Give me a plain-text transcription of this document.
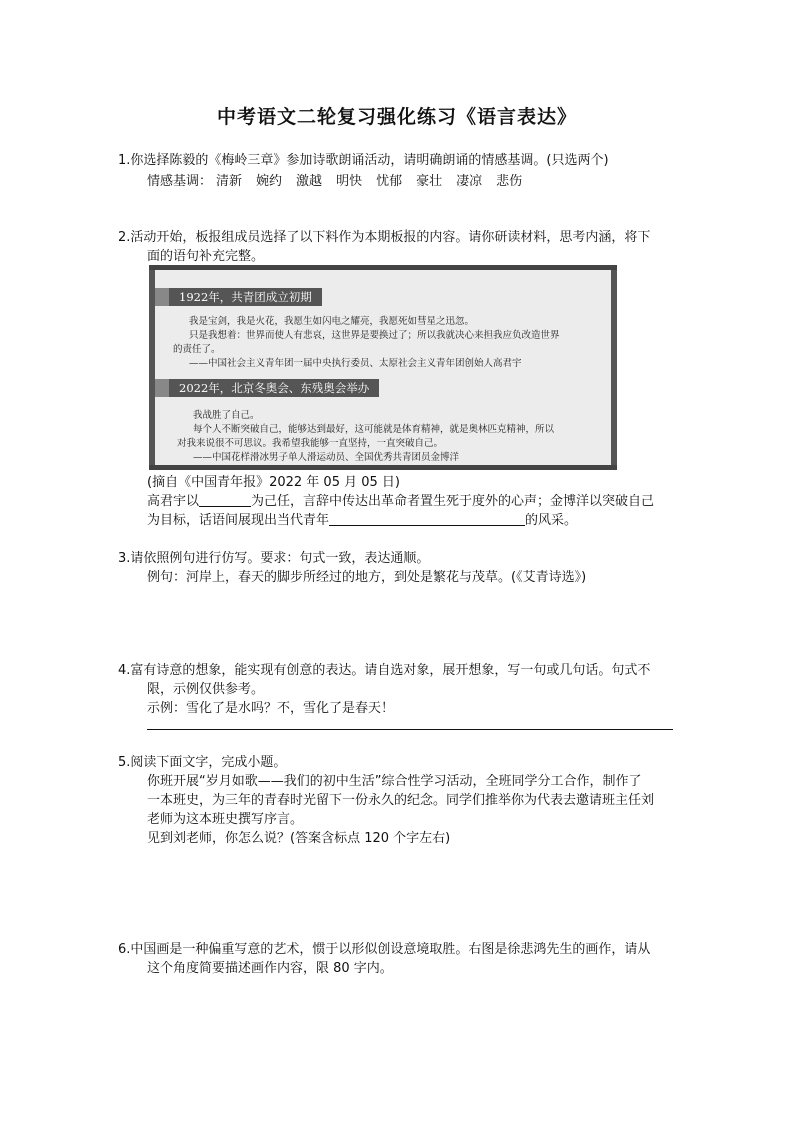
中考语文二轮复习强化练习《语言表达》
1.你选择陈毅的《梅岭三章》参加诗歌朗诵活动，请明确朗诵的情感基调。(只选两个)
情感基调： 清新 婉约 激越 明快 忧郁 豪壮 凄凉 悲伤
2.活动开始，板报组成员选择了以下料作为本期板报的内容。请你研读材料，思考内涵，将下
面的语句补充完整。
1922年，共青团成立初期
我是宝剑，我是火花，我愿生如闪电之耀亮，我愿死如彗星之迅忽。
只是我想着：世界而使人有悲哀，这世界是要换过了；所以我就决心来担我应负改造世界
的责任了。
——中国社会主义青年团一届中央执行委员、太原社会主义青年团创始人高君宇
2022年，北京冬奥会、东残奥会举办
我战胜了自己。
每个人不断突破自己，能够达到最好，这可能就是体育精神，就是奥林匹克精神，所以
对我来说很不可思议。我希望我能够一直坚持，一直突破自己。
——中国花样滑冰男子单人滑运动员、全国优秀共青团员金博洋
(摘自《中国青年报》2022 年 05 月 05 日)
高君宇以	为己任，言辞中传达出革命者置生死于度外的心声；金博洋以突破自己
为目标，话语间展现出当代青年	的风采。
3.请依照例句进行仿写。要求：句式一致，表达通顺。
例句：河岸上，春天的脚步所经过的地方，到处是繁花与茂草。(《艾青诗选》)
4.富有诗意的想象，能实现有创意的表达。请自选对象，展开想象，写一句或几句话。句式不
限，示例仅供参考。
示例：雪化了是水吗？不，雪化了是春天！
5.阅读下面文字，完成小题。
你班开展“岁月如歌——我们的初中生活”综合性学习活动，全班同学分工合作，制作了
一本班史，为三年的青春时光留下一份永久的纪念。同学们推举你为代表去邀请班主任刘
老师为这本班史撰写序言。
见到刘老师，你怎么说？(答案含标点 120 个字左右)
6.中国画是一种偏重写意的艺术，惯于以形似创设意境取胜。右图是徐悲鸿先生的画作，请从
这个角度简要描述画作内容，限 80 字内。
